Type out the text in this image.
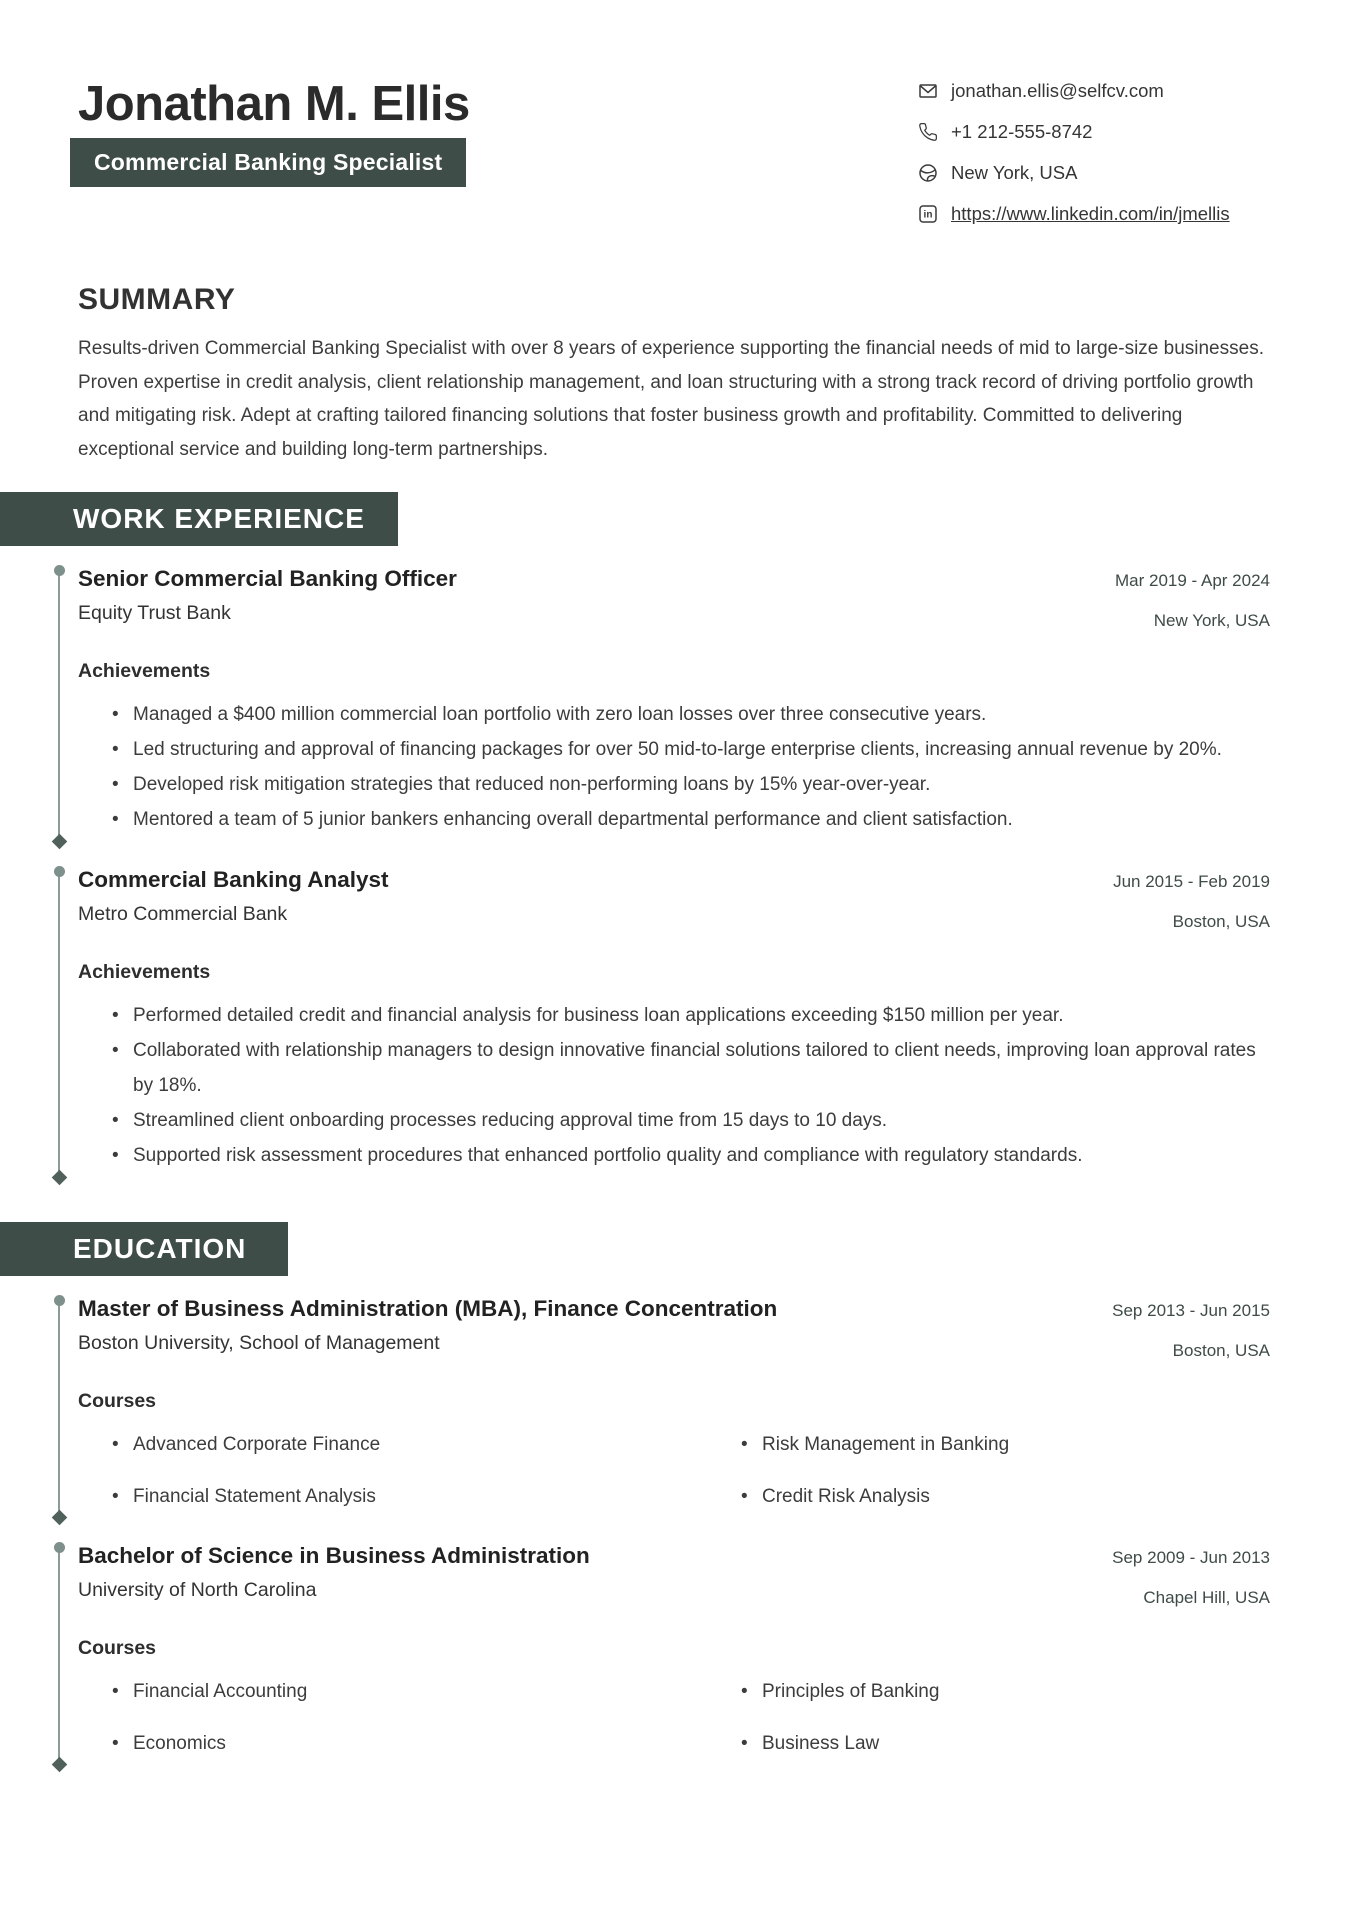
Jonathan M. Ellis
Commercial Banking Specialist
jonathan.ellis@selfcv.com
+1 212-555-8742
New York, USA
in https://www.linkedin.com/in/jmellis
SUMMARY

Results-driven Commercial Banking Specialist with over 8 years of experience supporting the financial needs of mid to large-size businesses. Proven expertise in credit analysis, client relationship management, and loan structuring with a strong track record of driving portfolio growth and mitigating risk. Adept at crafting tailored financing solutions that foster business growth and profitability. Committed to delivering exceptional service and building long-term partnerships.

WORK EXPERIENCE
Senior Commercial Banking Officer
Equity Trust Bank
Mar 2019 - Apr 2024
New York, USA
Achievements
• Managed a $400 million commercial loan portfolio with zero loan losses over three consecutive years.
• Led structuring and approval of financing packages for over 50 mid-to-large enterprise clients, increasing annual revenue by 20%.
• Developed risk mitigation strategies that reduced non-performing loans by 15% year-over-year.
• Mentored a team of 5 junior bankers enhancing overall departmental performance and client satisfaction.
Commercial Banking Analyst
Metro Commercial Bank
Jun 2015 - Feb 2019
Boston, USA
Achievements
• Performed detailed credit and financial analysis for business loan applications exceeding $150 million per year.
• Collaborated with relationship managers to design innovative financial solutions tailored to client needs, improving loan approval rates by 18%.
• Streamlined client onboarding processes reducing approval time from 15 days to 10 days.
• Supported risk assessment procedures that enhanced portfolio quality and compliance with regulatory standards.
EDUCATION
Master of Business Administration (MBA), Finance Concentration
Boston University, School of Management
Sep 2013 - Jun 2015
Boston, USA
Courses
• Advanced Corporate Finance	• Risk Management in Banking
• Financial Statement Analysis	• Credit Risk Analysis
Bachelor of Science in Business Administration
University of North Carolina
Sep 2009 - Jun 2013
Chapel Hill, USA
Courses
• Financial Accounting	• Principles of Banking
• Economics	• Business Law
